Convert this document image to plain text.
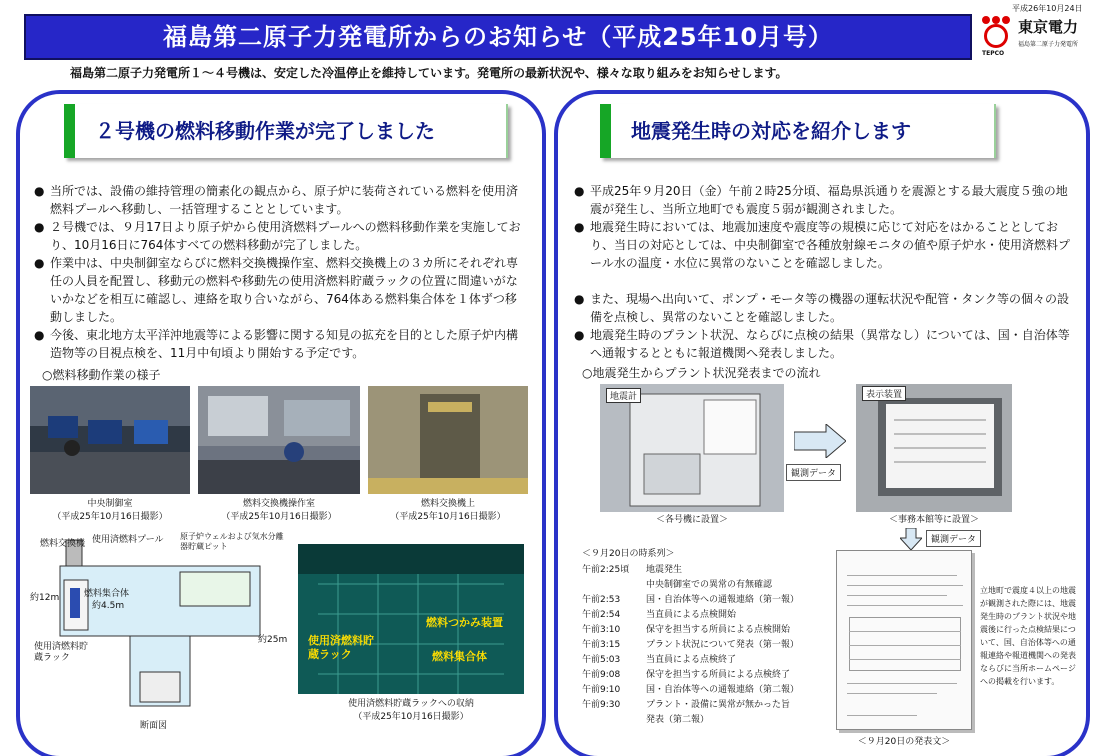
平成26年10月24日
福島第二原子力発電所からのお知らせ（平成25年10月号）	東京電力
福島第二原子力発電所
TEPCO
福島第二原子力発電所１～４号機は、安定した冷温停止を維持しています。発電所の最新状況や、様々な取り組みをお知らせします。
２号機の燃料移動作業が完了しました	地震発生時の対応を紹介します
● 当所では、設備の維持管理の簡素化の観点から、原子炉に装荷されている燃料を使用済燃料プールへ移動し、一括管理することとしています。
● ２号機では、９月17日より原子炉から使用済燃料プールへの燃料移動作業を実施しており、10月16日に764体すべての燃料移動が完了しました。
● 作業中は、中央制御室ならびに燃料交換機操作室、燃料交換機上の３カ所にそれぞれ専任の人員を配置し、移動元の燃料や移動先の使用済燃料貯蔵ラックの位置に間違いがないかなどを相互に確認し、連絡を取り合いながら、764体ある燃料集合体を１体ずつ移動しました。
● 今後、東北地方太平洋沖地震等による影響に関する知見の拡充を目的とした原子炉内構造物等の目視点検を、11月中旬頃より開始する予定です。
○燃料移動作業の様子
中央制御室
（平成25年10月16日撮影）
燃料交換機操作室
（平成25年10月16日撮影）
燃料交換機上
（平成25年10月16日撮影）
燃料交換機 使用済燃料プール 原子炉ウェルおよび気水分離器貯蔵ピット
燃料集合体
約4.5m
約12m
約25m
使用済燃料貯蔵ラック
断面図
燃料つかみ装置
使用済燃料貯蔵ラック	燃料集合体
使用済燃料貯蔵ラックへの収納
（平成25年10月16日撮影）
● 平成25年９月20日（金）午前２時25分頃、福島県浜通りを震源とする最大震度５強の地震が発生し、当所立地町でも震度５弱が観測されました。
● 地震発生時においては、地震加速度や震度等の規模に応じて対応をはかることとしており、当日の対応としては、中央制御室で各種放射線モニタの値や原子炉水・使用済燃料プール水の温度・水位に異常のないことを確認しました。
● また、現場へ出向いて、ポンプ・モータ等の機器の運転状況や配管・タンク等の個々の設備を点検し、異常のないことを確認しました。
● 地震発生時のプラント状況、ならびに点検の結果（異常なし）については、国・自治体等へ通報するとともに報道機関へ発表しました。
○地震発生からプラント状況発表までの流れ
地震計
＜各号機に設置＞
観測データ
表示装置
＜事務本館等に設置＞
観測データ
＜９月20日の時系列＞
午前2:25頃 地震発生
中央制御室での異常の有無確認
午前2:53	国・自治体等への通報連絡（第一報）
午前2:54	当直員による点検開始
午前3:10	保守を担当する所員による点検開始
午前3:15	プラント状況について発表（第一報）
午前5:03	当直員による点検終了
午前9:08	保守を担当する所員による点検終了
午前9:10	国・自治体等への通報連絡（第二報）
午前9:30	プラント・設備に異常が無かった旨
発表（第二報）
＜９月20日の発表文＞
立地町で震度４以上の地震が観測された際には、地震発生時のプラント状況や地震後に行った点検結果について、国、自治体等への通報連絡や報道機関への発表ならびに当所ホームページへの掲載を行います。
